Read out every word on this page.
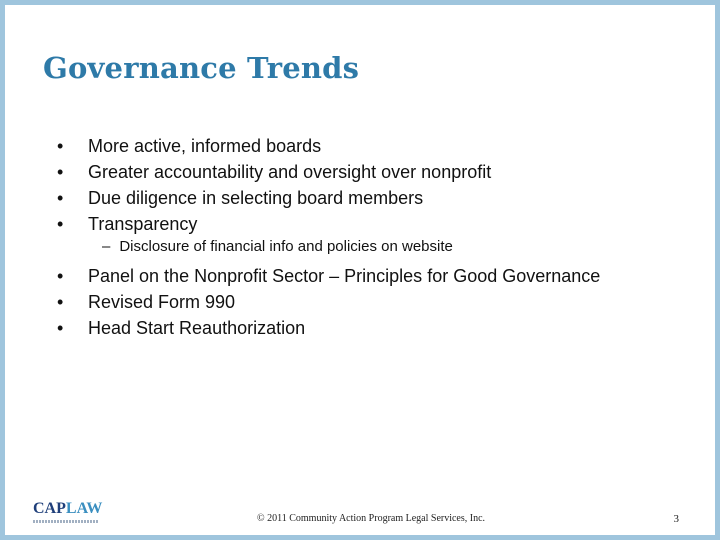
Governance Trends
• More active, informed boards
• Greater accountability and oversight over nonprofit
• Due diligence in selecting board members
• Transparency
– Disclosure of financial info and policies on website
• Panel on the Nonprofit Sector – Principles for Good Governance
• Revised Form 990
• Head Start Reauthorization
CAPLAW
© 2011 Community Action Program Legal Services, Inc.	3
